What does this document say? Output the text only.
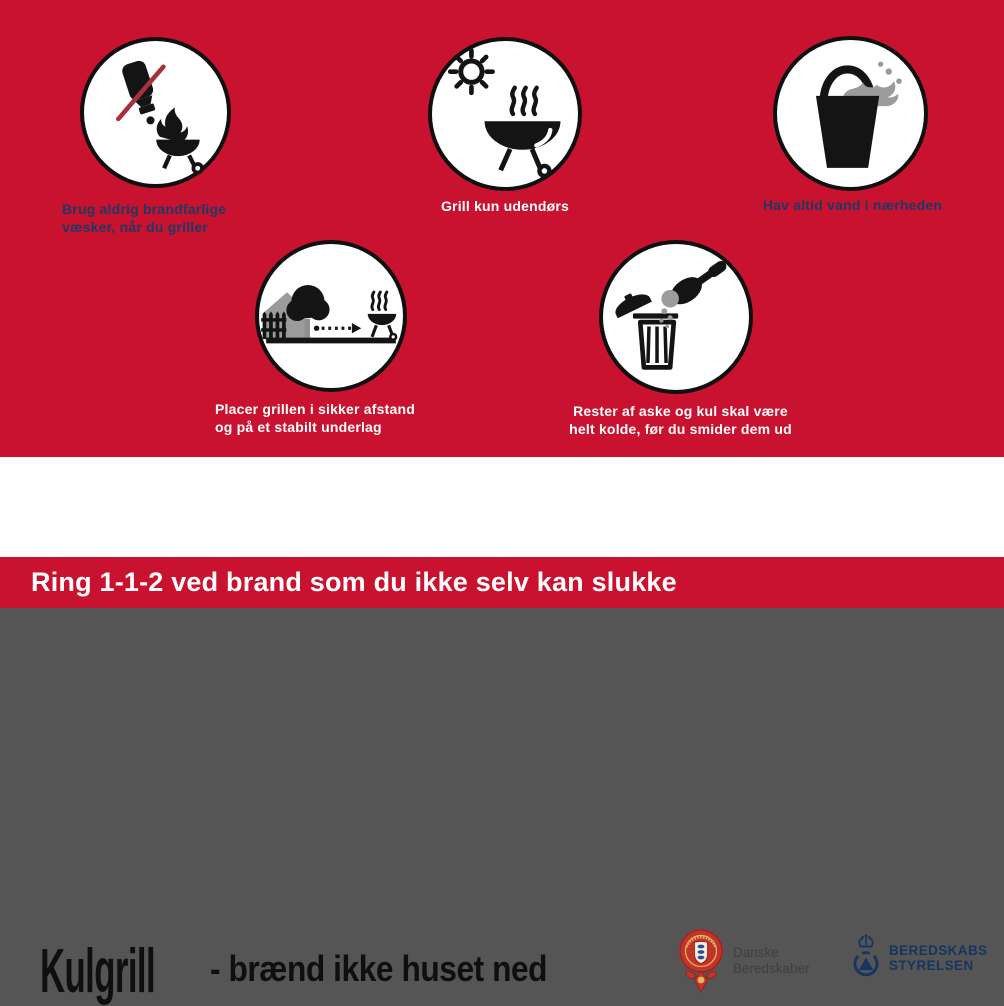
Brug aldrig brandfarlige
væsker, når du griller
Grill kun udendørs	Hav altid vand i nærheden
Placer grillen i sikker afstand
og på et stabilt underlag
Rester af aske og kul skal være
helt kolde, før du smider dem ud
Kulgrill - brænd ikke huset ned	Danske
Beredskaber
BEREDSKABS
STYRELSEN
Ring 1-1-2 ved brand som du ikke selv kan slukke
